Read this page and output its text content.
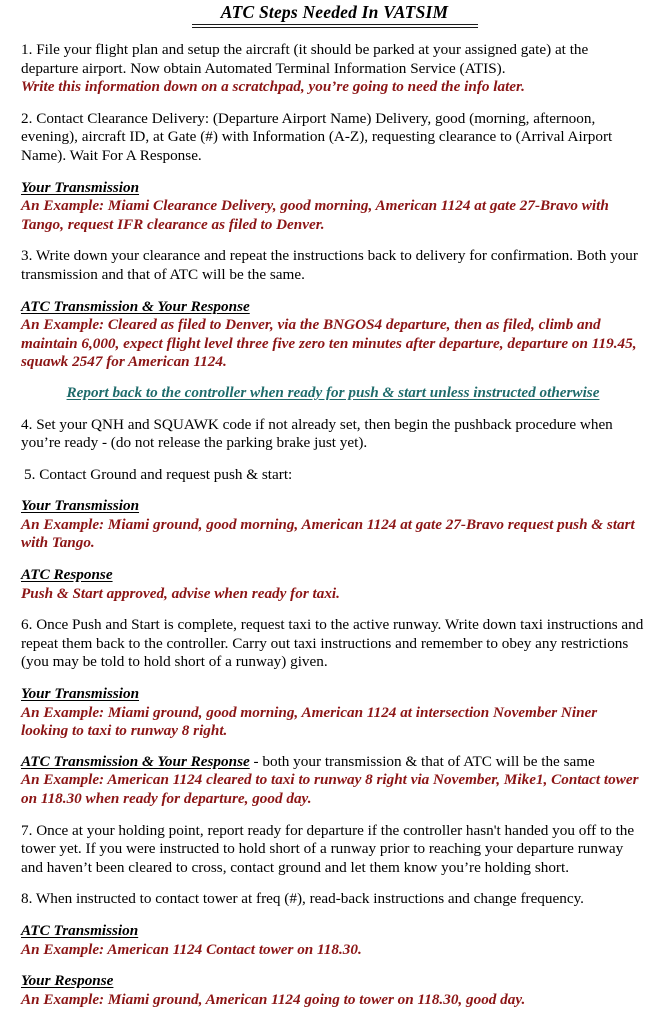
ATC Steps Needed In VATSIM

1. File your flight plan and setup the aircraft (it should be parked at your assigned gate) at the departure airport. Now obtain Automated Terminal Information Service (ATIS).

Write this information down on a scratchpad, you’re going to need the info later.

2. Contact Clearance Delivery: (Departure Airport Name) Delivery, good (morning, afternoon, evening), aircraft ID, at Gate (#) with Information (A-Z), requesting clearance to (Arrival Airport Name). Wait For A Response.

Your Transmission

An Example: Miami Clearance Delivery, good morning, American 1124 at gate 27-Bravo with Tango, request IFR clearance as filed to Denver.

3. Write down your clearance and repeat the instructions back to delivery for confirmation. Both your transmission and that of ATC will be the same.

ATC Transmission & Your Response

An Example: Cleared as filed to Denver, via the BNGOS4 departure, then as filed, climb and maintain 6,000, expect flight level three five zero ten minutes after departure, departure on 119.45, squawk 2547 for American 1124.

Report back to the controller when ready for push & start unless instructed otherwise

4. Set your QNH and SQUAWK code if not already set, then begin the pushback procedure when you’re ready - (do not release the parking brake just yet).

5. Contact Ground and request push & start:

Your Transmission

An Example: Miami ground, good morning, American 1124 at gate 27-Bravo request push & start with Tango.

ATC Response

Push & Start approved, advise when ready for taxi.

6. Once Push and Start is complete, request taxi to the active runway. Write down taxi instructions and repeat them back to the controller. Carry out taxi instructions and remember to obey any restrictions (you may be told to hold short of a runway) given.

Your Transmission

An Example: Miami ground, good morning, American 1124 at intersection November Niner looking to taxi to runway 8 right.

ATC Transmission & Your Response - both your transmission & that of ATC will be the same

An Example: American 1124 cleared to taxi to runway 8 right via November, Mike1, Contact tower on 118.30 when ready for departure, good day.

7. Once at your holding point, report ready for departure if the controller hasn't handed you off to the tower yet. If you were instructed to hold short of a runway prior to reaching your departure runway and haven’t been cleared to cross, contact ground and let them know you’re holding short.

8. When instructed to contact tower at freq (#), read-back instructions and change frequency.

ATC Transmission

An Example: American 1124 Contact tower on 118.30.

Your Response

An Example: Miami ground, American 1124 going to tower on 118.30, good day.
